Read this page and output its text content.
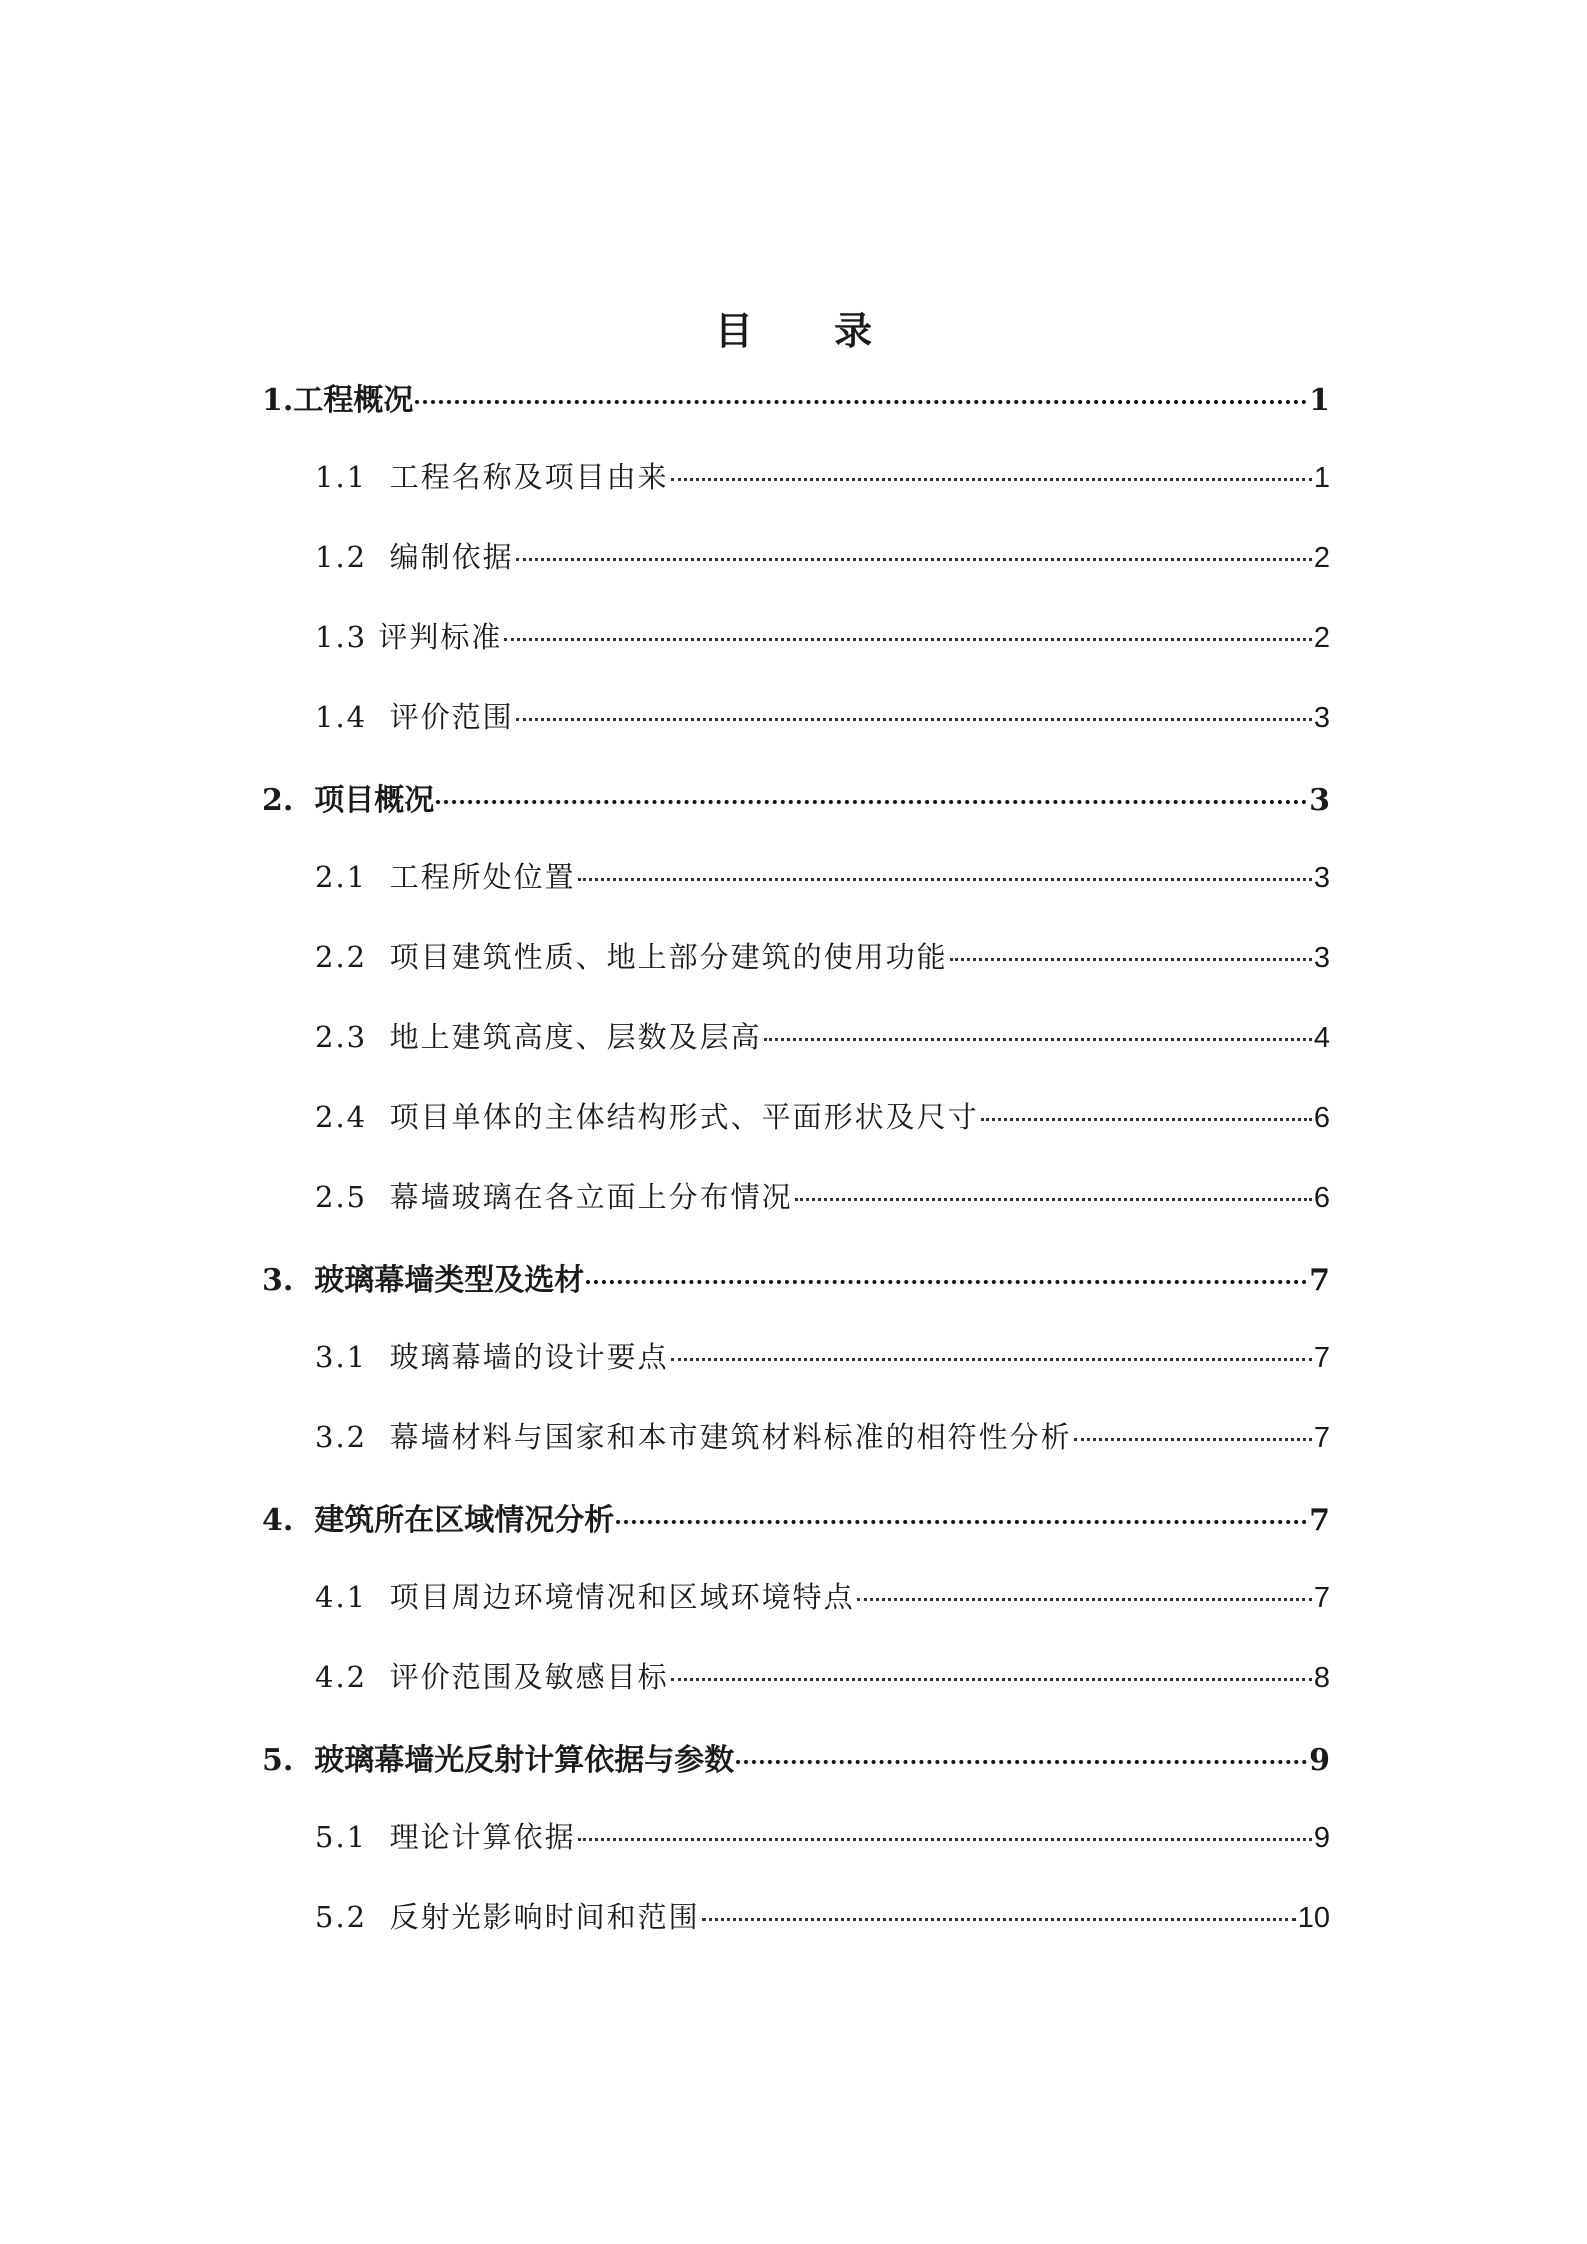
目 录
1. 工程概况	1
1.1 工程名称及项目由来	1
1.2 编制依据	2
1.3 评判标准	2
1.4 评价范围	3
2. 项目概况	3
2.1 工程所处位置	3
2.2 项目建筑性质、地上部分建筑的使用功能	3
2.3 地上建筑高度、层数及层高	4
2.4 项目单体的主体结构形式、平面形状及尺寸	6
2.5 幕墙玻璃在各立面上分布情况	6
3. 玻璃幕墙类型及选材	7
3.1 玻璃幕墙的设计要点	7
3.2 幕墙材料与国家和本市建筑材料标准的相符性分析	7
4. 建筑所在区域情况分析	7
4.1 项目周边环境情况和区域环境特点	7
4.2 评价范围及敏感目标	8
5. 玻璃幕墙光反射计算依据与参数	9
5.1 理论计算依据	9
5.2 反射光影响时间和范围	10
